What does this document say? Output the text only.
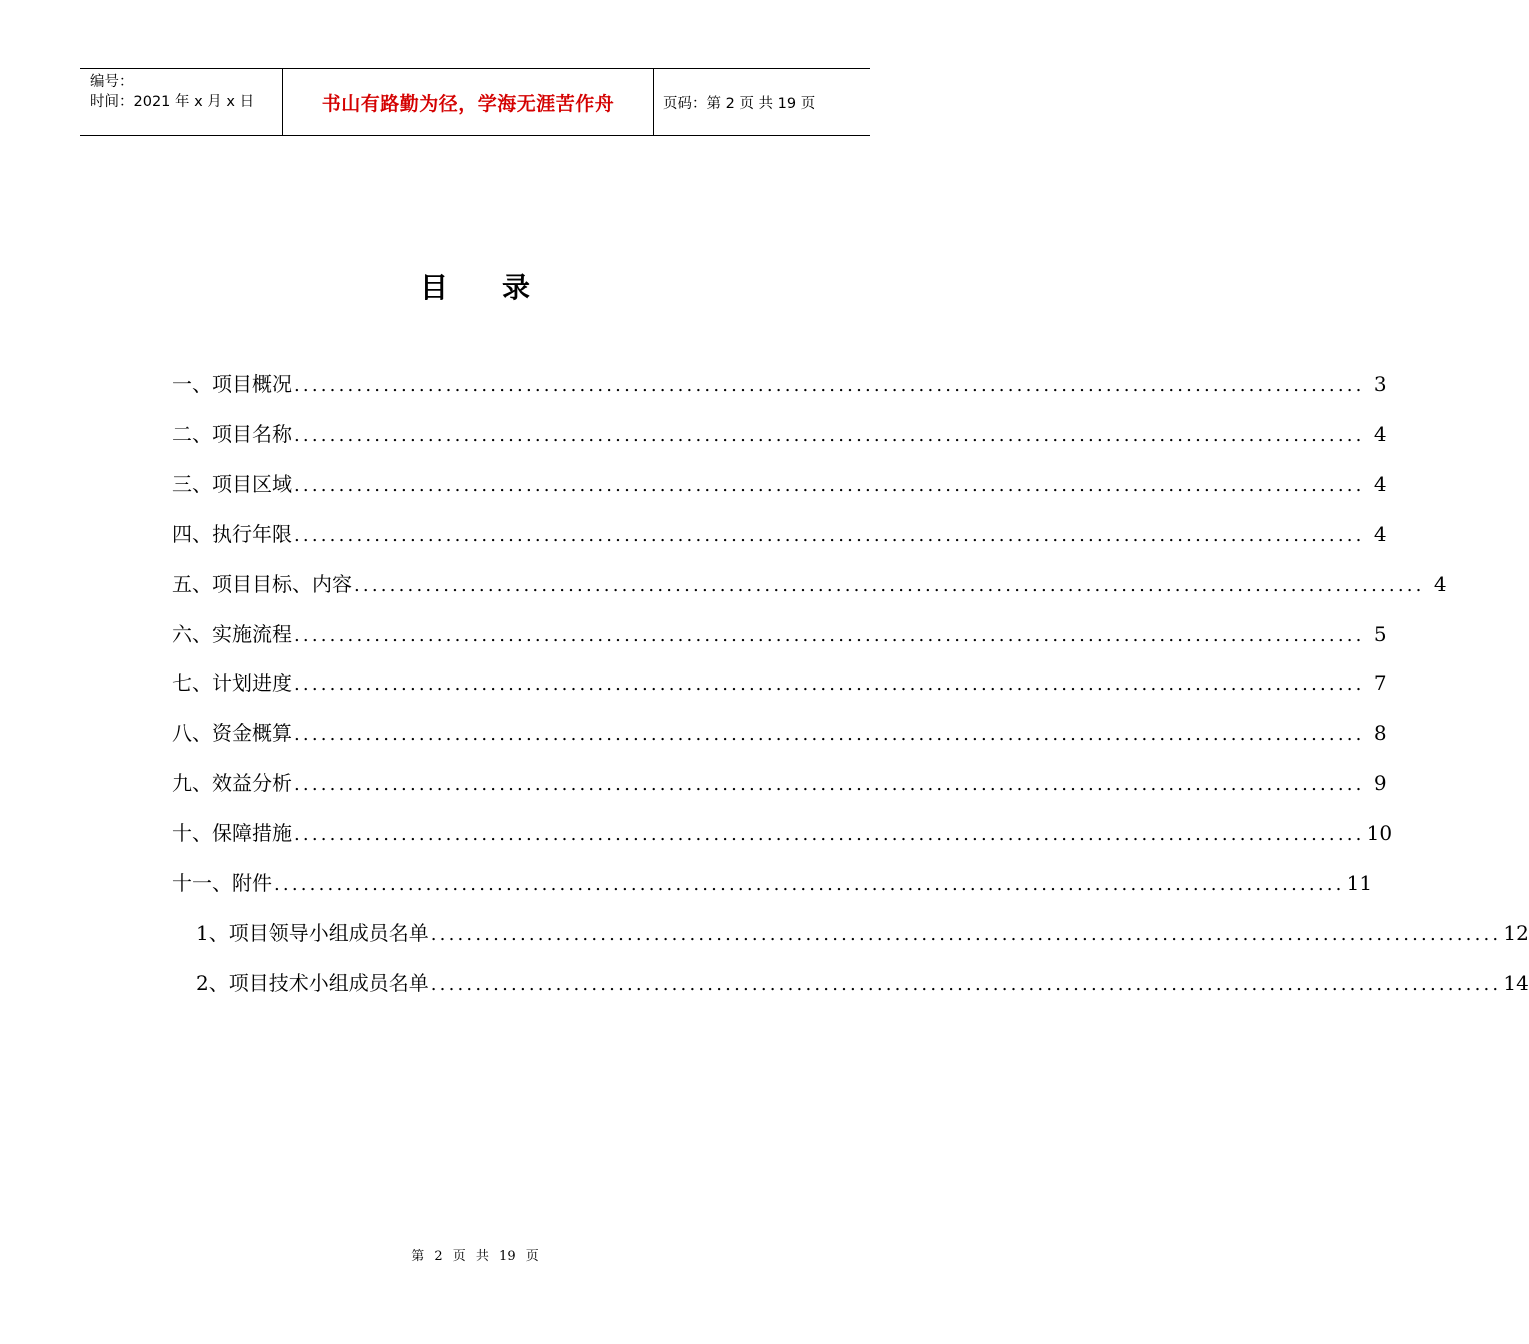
编号：
时间：2021 年 x 月 x 日	书山有路勤为径，学海无涯苦作舟	页码：第 2 页 共 19 页
目录
一、项目概况 ........................................................................................................................ 3
二、项目名称 ........................................................................................................................ 4
三、项目区域 ........................................................................................................................ 4
四、执行年限 ........................................................................................................................ 4
五、项目目标、内容 ........................................................................................................................ 4
六、实施流程 ........................................................................................................................ 5
七、计划进度 ........................................................................................................................ 7
八、资金概算 ........................................................................................................................ 8
九、效益分析 ........................................................................................................................ 9
十、保障措施 ........................................................................................................................ 10
十一、附件 ........................................................................................................................ 11
1、项目领导小组成员名单 ........................................................................................................................ 12
2、项目技术小组成员名单 ........................................................................................................................ 14
第 2 页 共 19 页
